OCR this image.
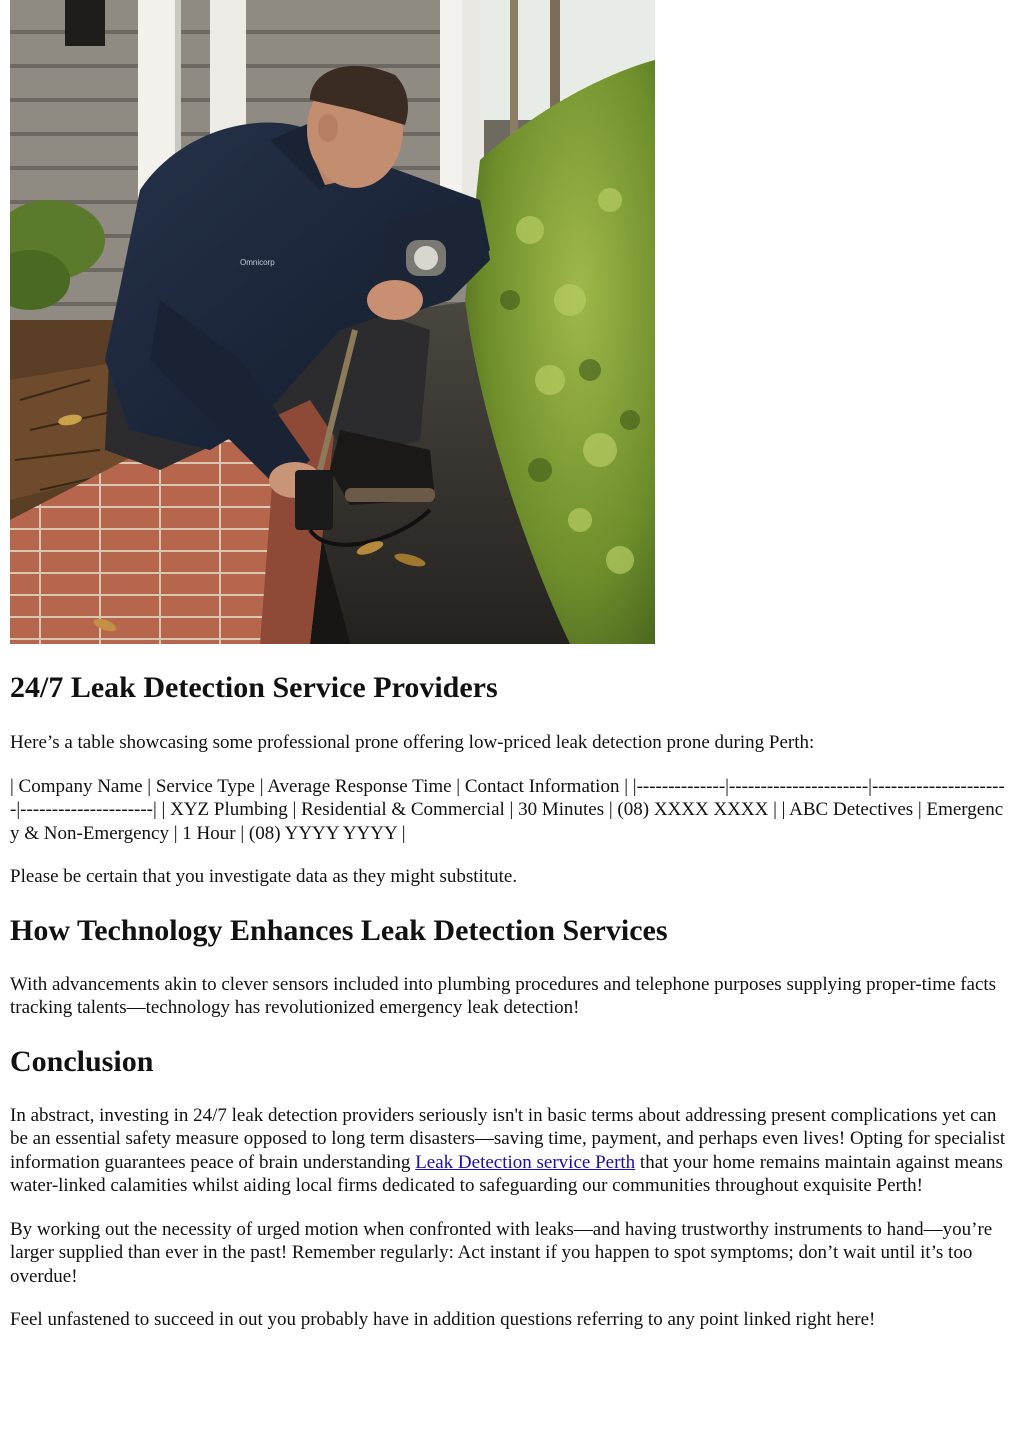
Omnicorp
24/7 Leak Detection Service Providers

Here’s a table showcasing some professional prone offering low-priced leak detection prone during Perth:

| Company Name | Service Type | Average Response Time | Contact Information | |--------------|----------------------|----------------------|---------------------| | XYZ Plumbing | Residential & Commercial | 30 Minutes | (08) XXXX XXXX | | ABC Detectives | Emergency & Non-Emergency | 1 Hour | (08) YYYY YYYY |

Please be certain that you investigate data as they might substitute.

How Technology Enhances Leak Detection Services

With advancements akin to clever sensors included into plumbing procedures and telephone purposes supplying proper-time facts tracking talents—technology has revolutionized emergency leak detection!

Conclusion

In abstract, investing in 24/7 leak detection providers seriously isn't in basic terms about addressing present complications yet can be an essential safety measure opposed to long term disasters—saving time, payment, and perhaps even lives! Opting for specialist information guarantees peace of brain understanding Leak Detection service Perth that your home remains maintain against means water-linked calamities whilst aiding local firms dedicated to safeguarding our communities throughout exquisite Perth!

By working out the necessity of urged motion when confronted with leaks—and having trustworthy instruments to hand—you’re larger supplied than ever in the past! Remember regularly: Act instant if you happen to spot symptoms; don’t wait until it’s too overdue!

Feel unfastened to succeed in out you probably have in addition questions referring to any point linked right here!
